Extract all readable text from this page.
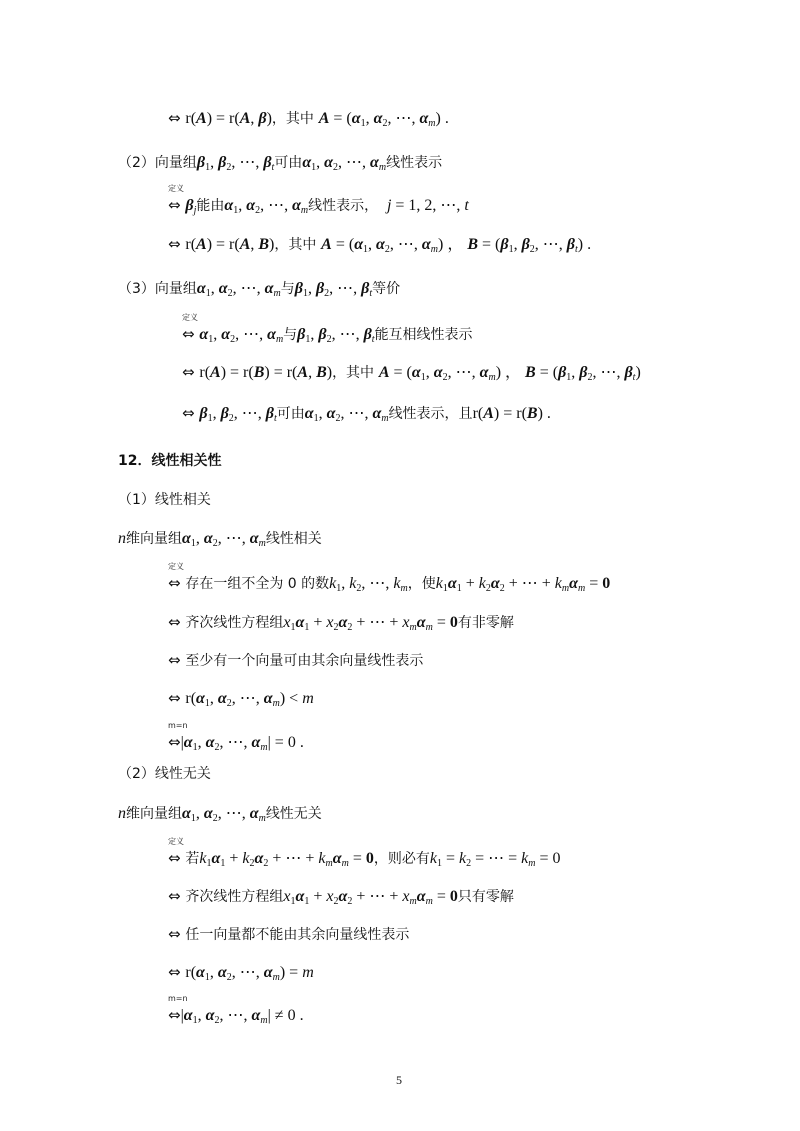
⇔ r(A) = r(A, β)，其中 $A = (\alpha_1$, $\alpha_2$, ⋯, $\alpha_m$) .
（2）向量组$\beta_1$, $\beta_2$, ⋯, $\beta_t$可由$\alpha_1$, $\alpha_2$, ⋯, $\alpha_m$线性表示
定义
⇔ $\beta_j$能由$\alpha_1$, $\alpha_2$, ⋯, $\alpha_m$线性表示， j = 1, 2, ⋯, t
⇔ r(A) = r(A, B)，其中 $A = (\alpha_1$, $\alpha_2$, ⋯, $\alpha_m$) ， $B = (\beta_1$, $\beta_2$, ⋯, $\beta_t$) .
（3）向量组$\alpha_1$, $\alpha_2$, ⋯, $\alpha_m$与$\beta_1$, $\beta_2$, ⋯, $\beta_t$等价
定义
⇔ $\alpha_1$, $\alpha_2$, ⋯, $\alpha_m$与$\beta_1$, $\beta_2$, ⋯, $\beta_t$能互相线性表示
⇔ r(A) = r(B) = r(A, B)，其中 $A = (\alpha_1$, $\alpha_2$, ⋯, $\alpha_m$) ， $B = (\beta_1$, $\beta_2$, ⋯, $\beta_t$)
⇔ $\beta_1$, $\beta_2$, ⋯, $\beta_t$可由$\alpha_1$, $\alpha_2$, ⋯, $\alpha_m$线性表示，且r(A) = r(B) .
12．线性相关性
（1）线性相关
n维向量组$\alpha_1$, $\alpha_2$, ⋯, $\alpha_m$线性相关
定义
⇔ 存在一组不全为 0 的数$k_1$, $k_2$, ⋯, $k_m$，使$k_1\alpha_1 + k_2\alpha_2$ + ⋯ + $k_m\alpha_m = 0$
⇔ 齐次线性方程组$x_1\alpha_1 + x_2\alpha_2$ + ⋯ + $x_m\alpha_m = 0$有非零解
⇔ 至少有一个向量可由其余向量线性表示
⇔ $r(\alpha_1$, $\alpha_2$, ⋯, $\alpha_m) < m$
m=n
$\Leftrightarrow|\alpha_1$, $\alpha_2$, ⋯, $\alpha_m| = 0$ .
（2）线性无关
n维向量组$\alpha_1$, $\alpha_2$, ⋯, $\alpha_m$线性无关
定义
⇔ 若$k_1\alpha_1 + k_2\alpha_2$ + ⋯ + $k_m\alpha_m = 0$，则必有$k_1 = k_2$ = ⋯ = $k_m = 0$
⇔ 齐次线性方程组$x_1\alpha_1 + x_2\alpha_2$ + ⋯ + $x_m\alpha_m = 0$只有零解
⇔ 任一向量都不能由其余向量线性表示
⇔ $r(\alpha_1$, $\alpha_2$, ⋯, $\alpha_m) = m$
m=n
$\Leftrightarrow|\alpha_1$, $\alpha_2$, ⋯, $\alpha_m| \ne 0$ .
5
